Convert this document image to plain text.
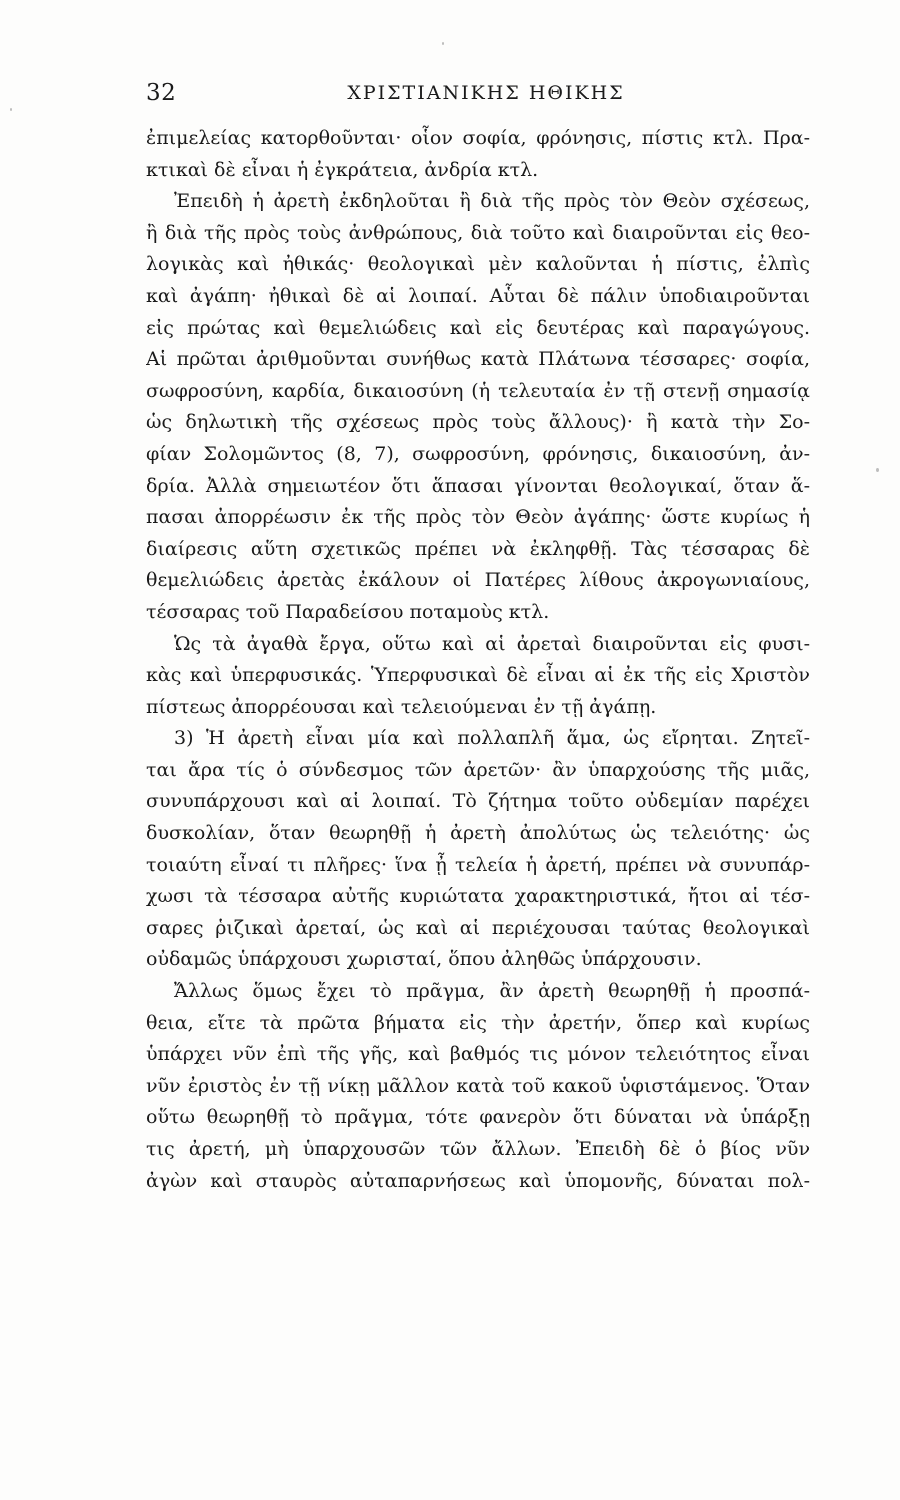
32	ΧΡΙΣΤΙΑΝΙΚΗΣ ΗΘΙΚΗΣ
ἐπιμελείας κατορθοῦνται· οἷον σοφία, φρόνησις, πίστις κτλ. Πρα-
κτικαὶ δὲ εἶναι ἡ ἐγκράτεια, ἀνδρία κτλ.
Ἐπειδὴ ἡ ἀρετὴ ἐκδηλοῦται ἢ διὰ τῆς πρὸς τὸν Θεὸν σχέσεως,
ἢ διὰ τῆς πρὸς τοὺς ἀνθρώπους, διὰ τοῦτο καὶ διαιροῦνται εἰς θεο-
λογικὰς καὶ ἠθικάς· θεολογικαὶ μὲν καλοῦνται ἡ πίστις, ἐλπὶς
καὶ ἀγάπη· ἠθικαὶ δὲ αἱ λοιπαί. Αὗται δὲ πάλιν ὑποδιαιροῦνται
εἰς πρώτας καὶ θεμελιώδεις καὶ εἰς δευτέρας καὶ παραγώγους.
Αἱ πρῶται ἀριθμοῦνται συνήθως κατὰ Πλάτωνα τέσσαρες· σοφία,
σωφροσύνη, καρδία, δικαιοσύνη (ἡ τελευταία ἐν τῇ στενῇ σημασίᾳ
ὡς δηλωτικὴ τῆς σχέσεως πρὸς τοὺς ἄλλους)· ἢ κατὰ τὴν Σο-
φίαν Σολομῶντος (8, 7), σωφροσύνη, φρόνησις, δικαιοσύνη, ἀν-
δρία. Ἀλλὰ σημειωτέον ὅτι ἅπασαι γίνονται θεολογικαί, ὅταν ἅ-
πασαι ἀπορρέωσιν ἐκ τῆς πρὸς τὸν Θεὸν ἀγάπης· ὥστε κυρίως ἡ
διαίρεσις αὕτη σχετικῶς πρέπει νὰ ἐκληφθῇ. Τὰς τέσσαρας δὲ
θεμελιώδεις ἀρετὰς ἐκάλουν οἱ Πατέρες λίθους ἀκρογωνιαίους,
τέσσαρας τοῦ Παραδείσου ποταμοὺς κτλ.
Ὡς τὰ ἀγαθὰ ἔργα, οὕτω καὶ αἱ ἀρεταὶ διαιροῦνται εἰς φυσι-
κὰς καὶ ὑπερφυσικάς. Ὑπερφυσικαὶ δὲ εἶναι αἱ ἐκ τῆς εἰς Χριστὸν
πίστεως ἀπορρέουσαι καὶ τελειούμεναι ἐν τῇ ἀγάπῃ.
3) Ἡ ἀρετὴ εἶναι μία καὶ πολλαπλῆ ἅμα, ὡς εἴρηται. Ζητεῖ-
ται ἄρα τίς ὁ σύνδεσμος τῶν ἀρετῶν· ἂν ὑπαρχούσης τῆς μιᾶς,
συνυπάρχουσι καὶ αἱ λοιπαί. Τὸ ζήτημα τοῦτο οὐδεμίαν παρέχει
δυσκολίαν, ὅταν θεωρηθῇ ἡ ἀρετὴ ἀπολύτως ὡς τελειότης· ὡς
τοιαύτη εἶναί τι πλῆρες· ἵνα ᾖ τελεία ἡ ἀρετή, πρέπει νὰ συνυπάρ-
χωσι τὰ τέσσαρα αὐτῆς κυριώτατα χαρακτηριστικά, ἤτοι αἱ τέσ-
σαρες ῥιζικαὶ ἀρεταί, ὡς καὶ αἱ περιέχουσαι ταύτας θεολογικαὶ
οὐδαμῶς ὑπάρχουσι χωρισταί, ὅπου ἀληθῶς ὑπάρχουσιν.
Ἄλλως ὅμως ἔχει τὸ πρᾶγμα, ἂν ἀρετὴ θεωρηθῇ ἡ προσπά-
θεια, εἴτε τὰ πρῶτα βήματα εἰς τὴν ἀρετήν, ὅπερ καὶ κυρίως
ὑπάρχει νῦν ἐπὶ τῆς γῆς, καὶ βαθμός τις μόνον τελειότητος εἶναι
νῦν ἐριστὸς ἐν τῇ νίκῃ μᾶλλον κατὰ τοῦ κακοῦ ὑφιστάμενος. Ὅταν
οὕτω θεωρηθῇ τὸ πρᾶγμα, τότε φανερὸν ὅτι δύναται νὰ ὑπάρξῃ
τις ἀρετή, μὴ ὑπαρχουσῶν τῶν ἄλλων. Ἐπειδὴ δὲ ὁ βίος νῦν
ἀγὼν καὶ σταυρὸς αὐταπαρνήσεως καὶ ὑπομονῆς, δύναται πολ-
